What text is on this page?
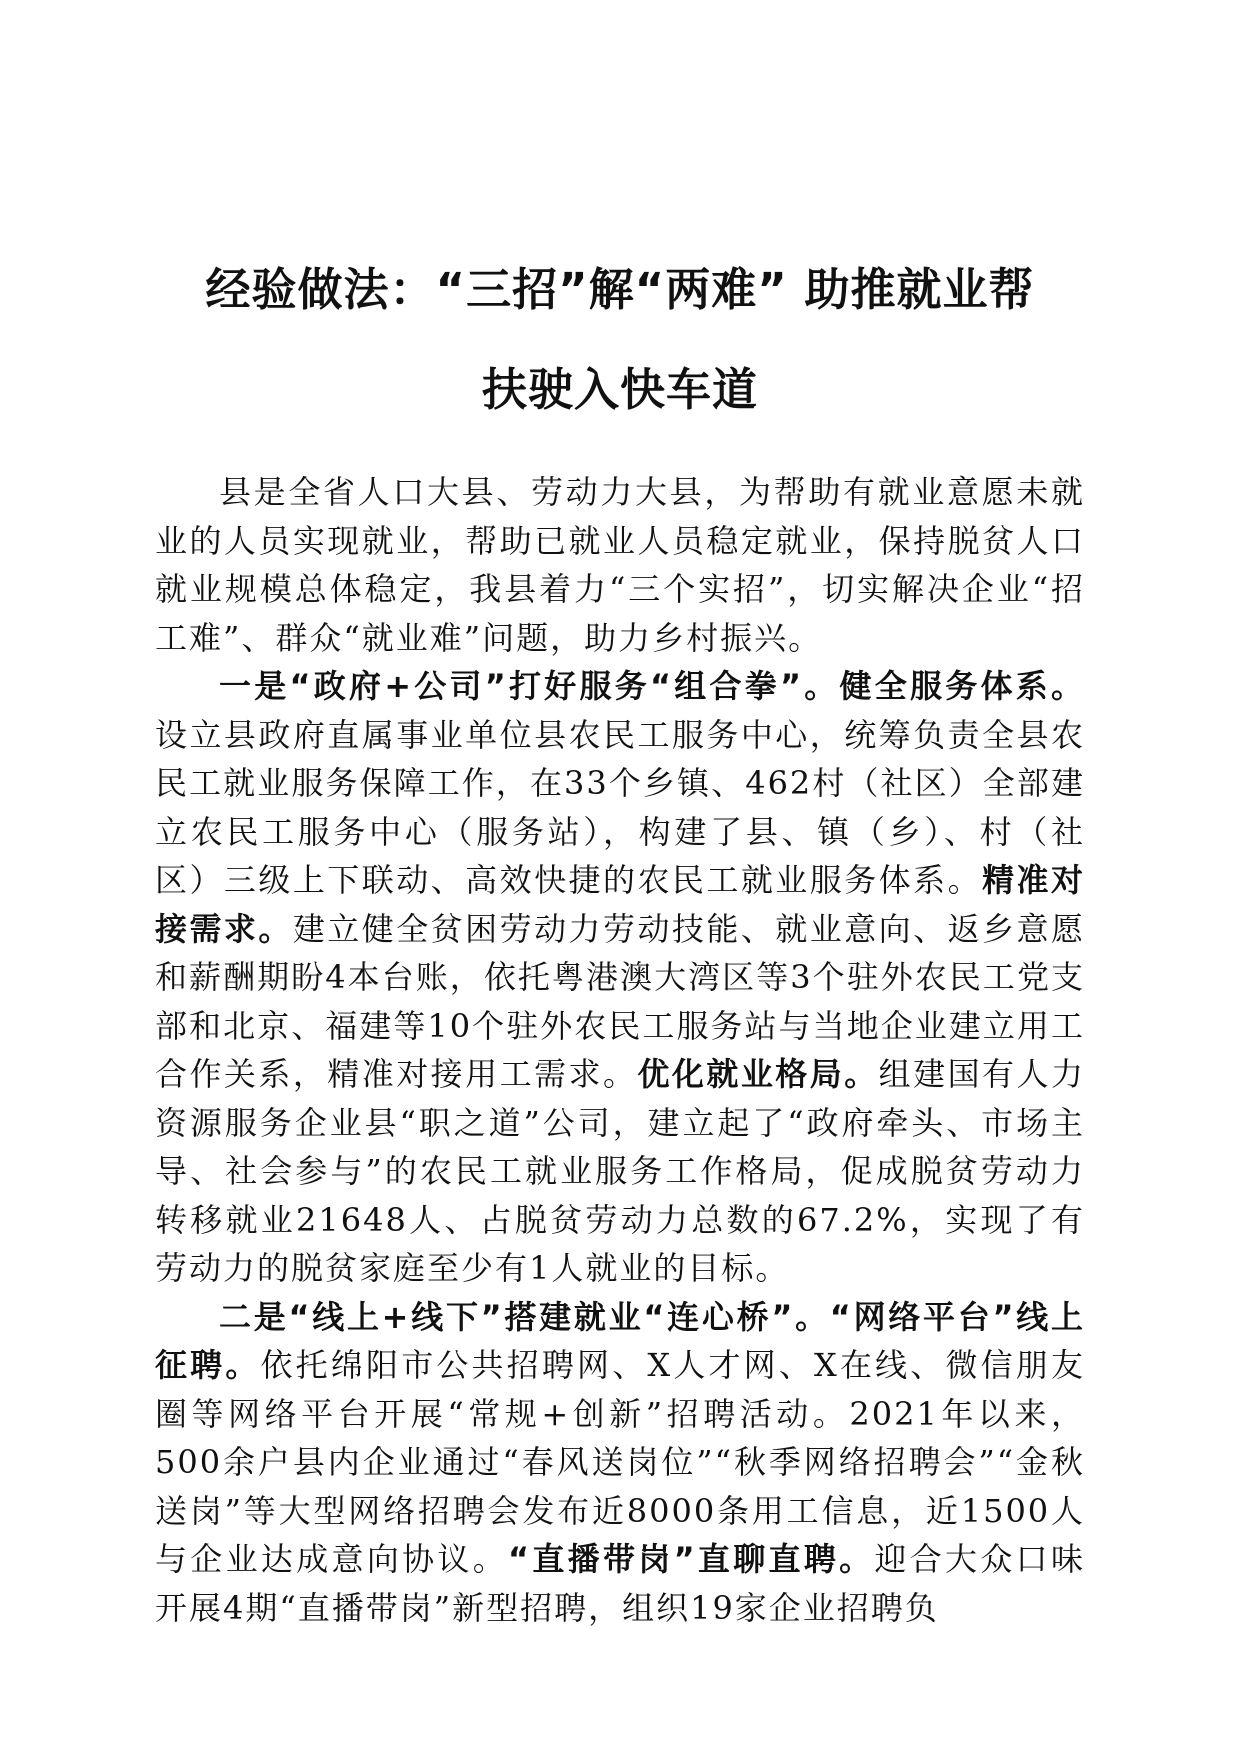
经验做法：“三招”解“两难” 助推就业帮
扶驶入快车道

县是全省人口大县、劳动力大县，为帮助有就业意愿未就业的人员实现就业，帮助已就业人员稳定就业，保持脱贫人口就业规模总体稳定，我县着力“三个实招”，切实解决企业“招工难”、群众“就业难”问题，助力乡村振兴。

一是“政府+公司”打好服务“组合拳”。健全服务体系。设立县政府直属事业单位县农民工服务中心，统筹负责全县农民工就业服务保障工作，在33个乡镇、462村（社区）全部建立农民工服务中心（服务站），构建了县、镇（乡）、村（社区）三级上下联动、高效快捷的农民工就业服务体系。精准对接需求。建立健全贫困劳动力劳动技能、就业意向、返乡意愿和薪酬期盼4本台账，依托粤港澳大湾区等3个驻外农民工党支部和北京、福建等10个驻外农民工服务站与当地企业建立用工合作关系，精准对接用工需求。优化就业格局。组建国有人力资源服务企业县“职之道”公司，建立起了“政府牵头、市场主导、社会参与”的农民工就业服务工作格局，促成脱贫劳动力转移就业21648人、占脱贫劳动力总数的67.2%，实现了有劳动力的脱贫家庭至少有1人就业的目标。

二是“线上+线下”搭建就业“连心桥”。“网络平台”线上征聘。依托绵阳市公共招聘网、X人才网、X在线、微信朋友圈等网络平台开展“常规+创新”招聘活动。2021年以来，500余户县内企业通过“春风送岗位”“秋季网络招聘会”“金秋送岗”等大型网络招聘会发布近8000条用工信息，近1500人与企业达成意向协议。“直播带岗”直聊直聘。迎合大众口味开展4期“直播带岗”新型招聘，组织19家企业招聘负
